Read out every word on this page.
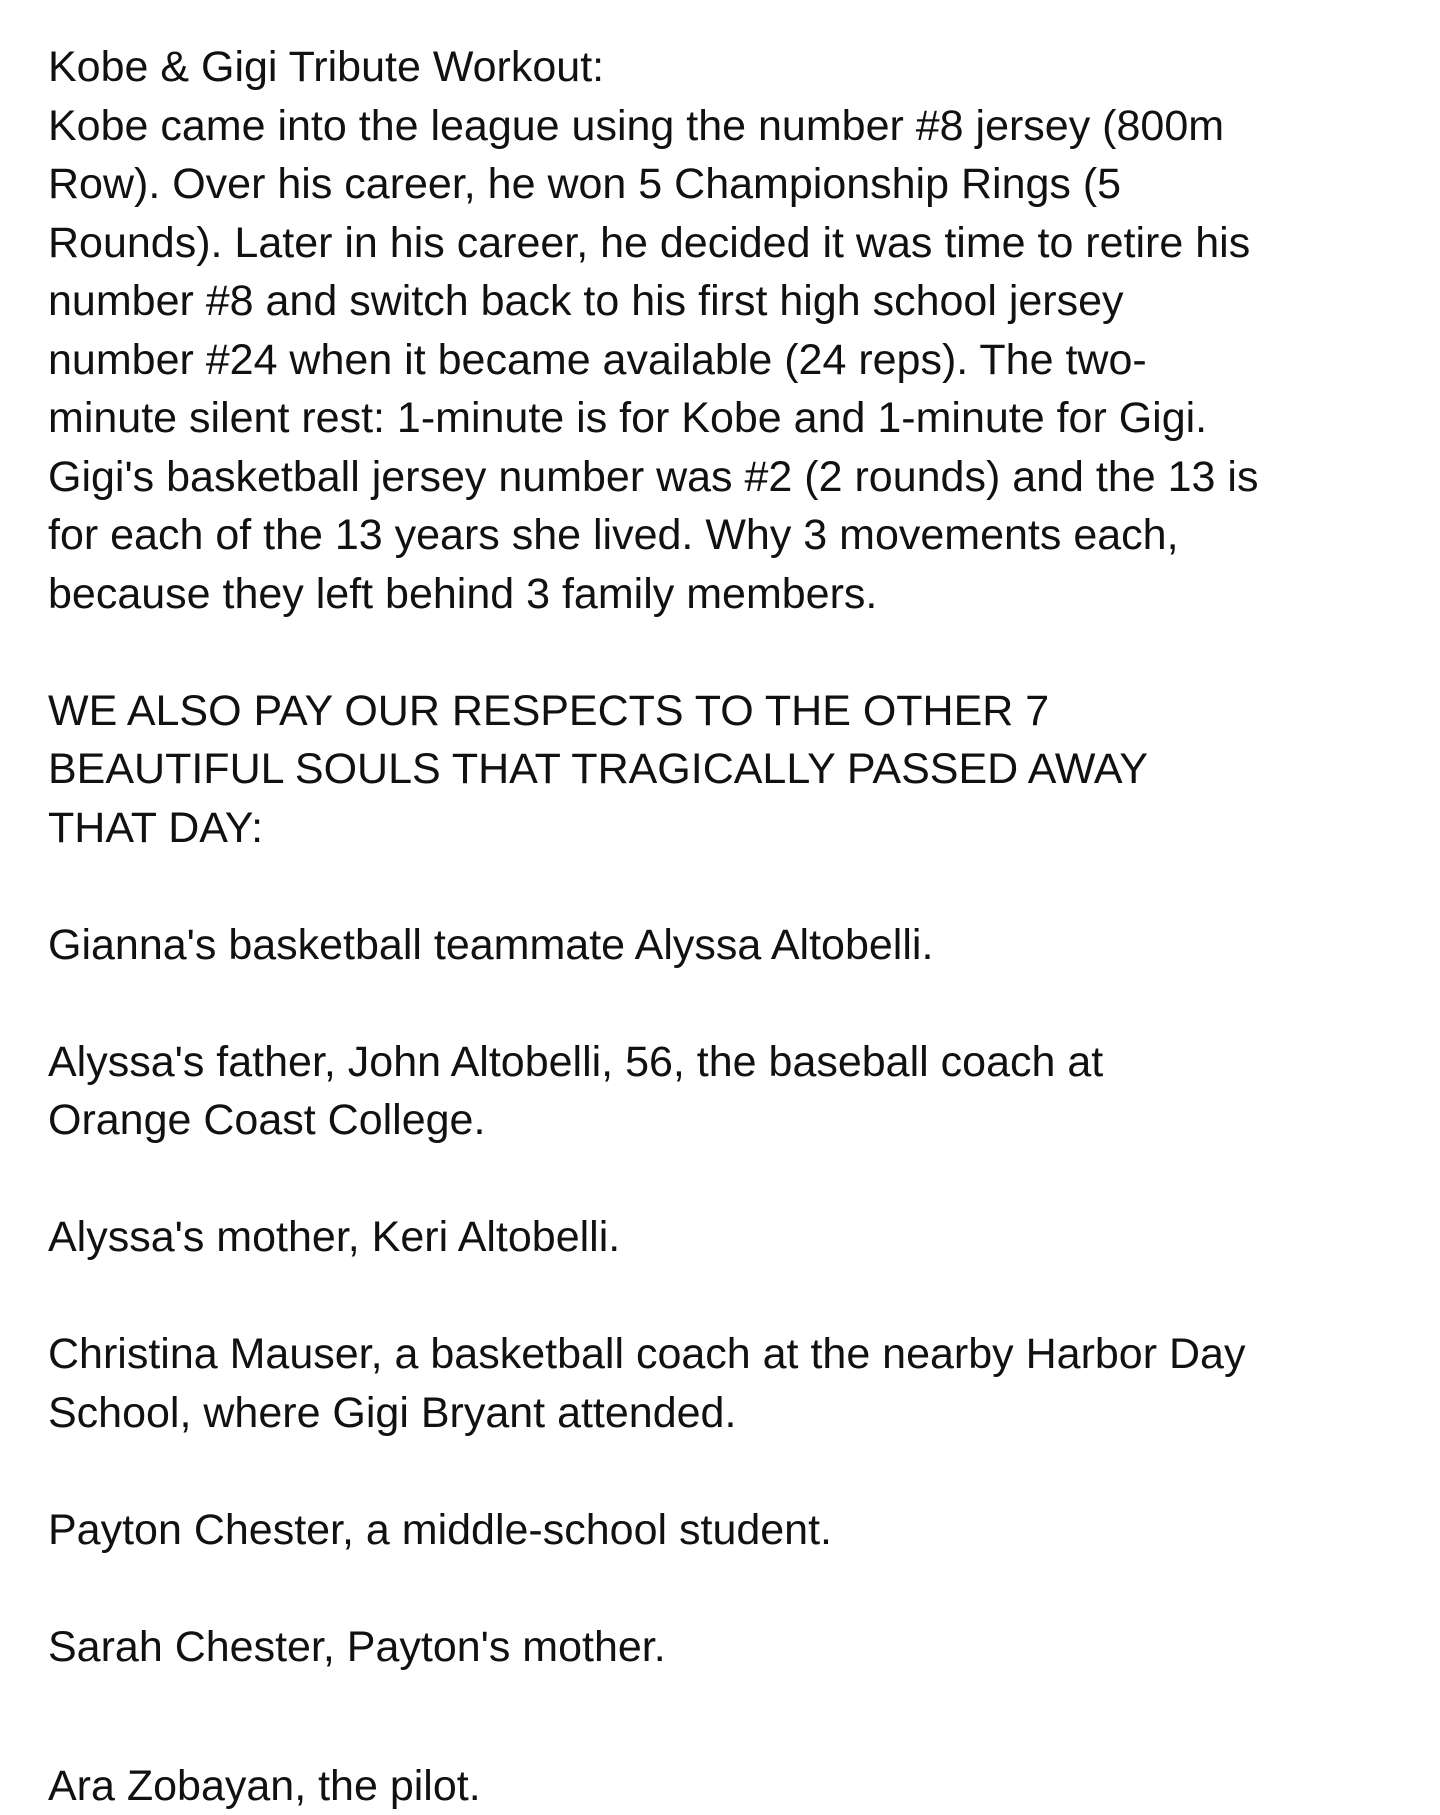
Kobe & Gigi Tribute Workout:
Kobe came into the league using the number #8 jersey (800m
Row). Over his career, he won 5 Championship Rings (5
Rounds). Later in his career, he decided it was time to retire his
number #8 and switch back to his first high school jersey
number #24 when it became available (24 reps). The two-
minute silent rest: 1-minute is for Kobe and 1-minute for Gigi.
Gigi's basketball jersey number was #2 (2 rounds) and the 13 is
for each of the 13 years she lived. Why 3 movements each,
because they left behind 3 family members.
WE ALSO PAY OUR RESPECTS TO THE OTHER 7
BEAUTIFUL SOULS THAT TRAGICALLY PASSED AWAY
THAT DAY:
Gianna's basketball teammate Alyssa Altobelli.
Alyssa's father, John Altobelli, 56, the baseball coach at
Orange Coast College.
Alyssa's mother, Keri Altobelli.
Christina Mauser, a basketball coach at the nearby Harbor Day
School, where Gigi Bryant attended.
Payton Chester, a middle-school student.
Sarah Chester, Payton's mother.
Ara Zobayan, the pilot.
